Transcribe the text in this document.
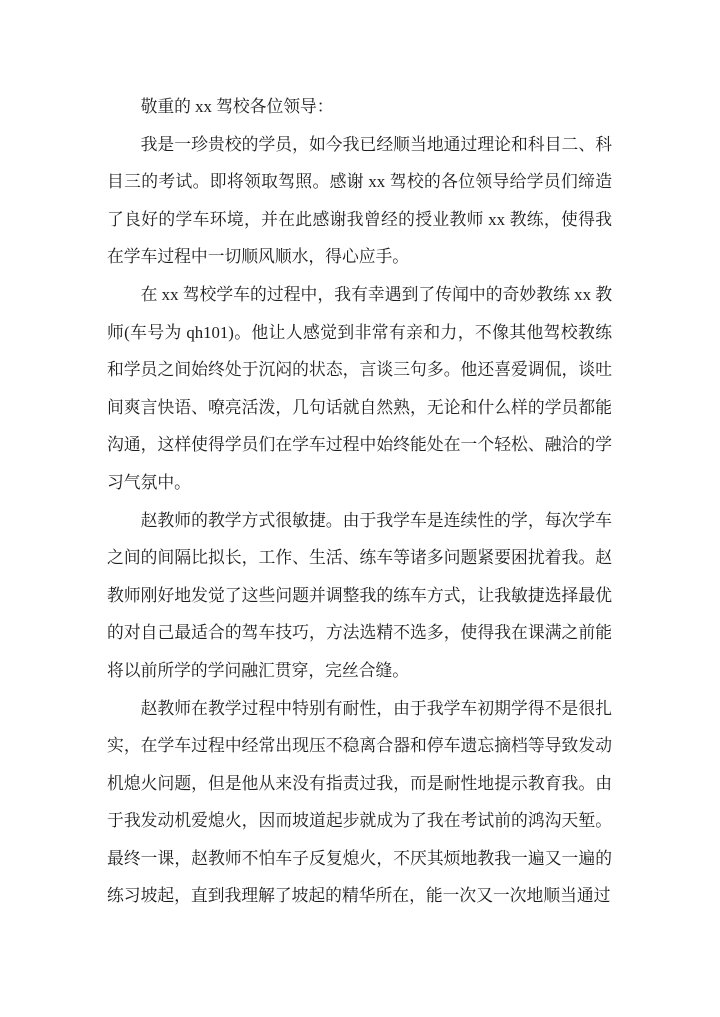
敬重的 xx 驾校各位领导：

我是一珍贵校的学员，如今我已经顺当地通过理论和科目二、科目三的考试。即将领取驾照。感谢 xx 驾校的各位领导给学员们缔造了良好的学车环境，并在此感谢我曾经的授业教师 xx 教练，使得我在学车过程中一切顺风顺水，得心应手。

在 xx 驾校学车的过程中，我有幸遇到了传闻中的奇妙教练 xx 教师(车号为 qh101)。他让人感觉到非常有亲和力，不像其他驾校教练和学员之间始终处于沉闷的状态，言谈三句多。他还喜爱调侃，谈吐间爽言快语、嘹亮活泼，几句话就自然熟，无论和什么样的学员都能沟通，这样使得学员们在学车过程中始终能处在一个轻松、融洽的学习气氛中。

赵教师的教学方式很敏捷。由于我学车是连续性的学，每次学车之间的间隔比拟长，工作、生活、练车等诸多问题紧要困扰着我。赵教师刚好地发觉了这些问题并调整我的练车方式，让我敏捷选择最优的对自己最适合的驾车技巧，方法选精不选多，使得我在课满之前能将以前所学的学问融汇贯穿，完丝合缝。

赵教师在教学过程中特别有耐性，由于我学车初期学得不是很扎实，在学车过程中经常出现压不稳离合器和停车遗忘摘档等导致发动机熄火问题，但是他从来没有指责过我，而是耐性地提示教育我。由于我发动机爱熄火，因而坡道起步就成为了我在考试前的鸿沟天堑。最终一课，赵教师不怕车子反复熄火，不厌其烦地教我一遍又一遍的练习坡起，直到我理解了坡起的精华所在，能一次又一次地顺当通过
